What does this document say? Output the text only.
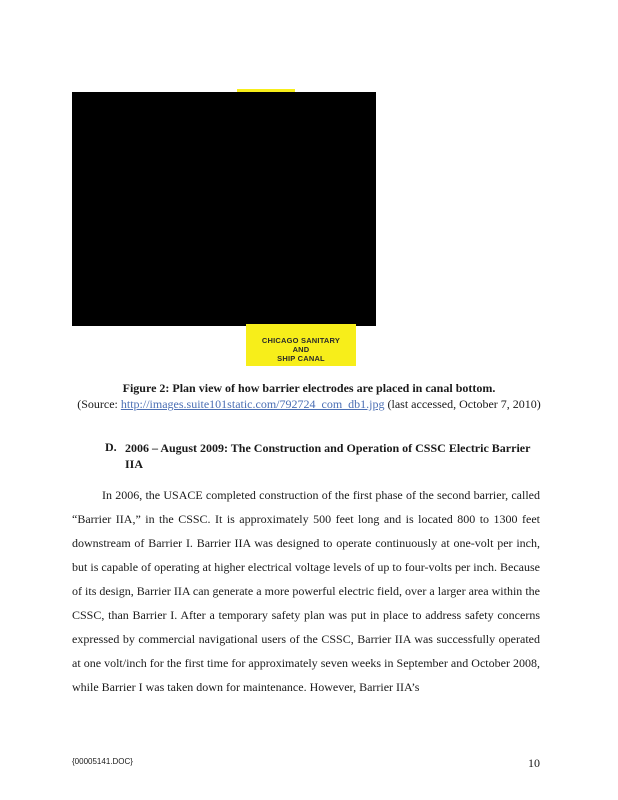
CHICAGO SANITARY
AND
SHIP CANAL
Figure 2: Plan view of how barrier electrodes are placed in canal bottom.
(Source: http://images.suite101static.com/792724_com_db1.jpg (last accessed, October 7, 2010)
D. 2006 – August 2009: The Construction and Operation of CSSC Electric Barrier IIA

In 2006, the USACE completed construction of the first phase of the second barrier, called “Barrier IIA,” in the CSSC. It is approximately 500 feet long and is located 800 to 1300 feet downstream of Barrier I. Barrier IIA was designed to operate continuously at one-volt per inch, but is capable of operating at higher electrical voltage levels of up to four-volts per inch. Because of its design, Barrier IIA can generate a more powerful electric field, over a larger area within the CSSC, than Barrier I. After a temporary safety plan was put in place to address safety concerns expressed by commercial navigational users of the CSSC, Barrier IIA was successfully operated at one volt/inch for the first time for approximately seven weeks in September and October 2008, while Barrier I was taken down for maintenance. However, Barrier IIA’s

{00005141.DOC}	10
